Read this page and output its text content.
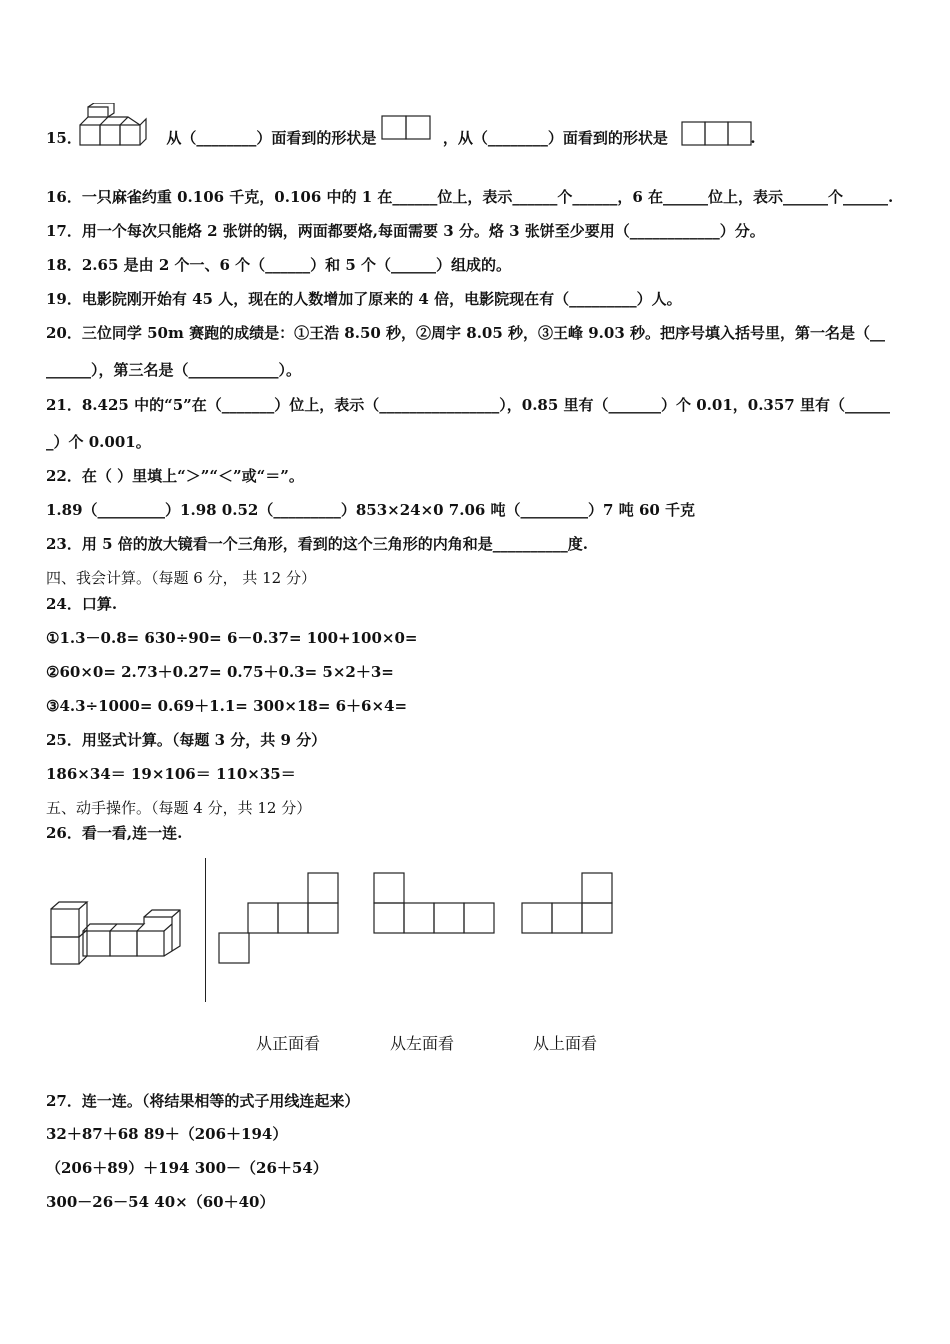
15．	从（________）面看到的形状是	，从（________）面看到的形状是	.
16．一只麻雀约重 0.106 千克，0.106 中的 1 在______位上，表示______个______，6 在______位上，表示______个______.
17．用一个每次只能烙 2 张饼的锅，两面都要烙,每面需要 3 分。烙 3 张饼至少要用（____________）分。
18．2.65 是由 2 个一、6 个（______）和 5 个（______）组成的。
19．电影院刚开始有 45 人，现在的人数增加了原来的 4 倍，电影院现在有（_________）人。
20．三位同学 50m 赛跑的成绩是：①王浩 8.50 秒，②周宇 8.05 秒，③王峰 9.03 秒。把序号填入括号里，第一名是（__
______），第三名是（____________）。
21．8.425 中的“5”在（_______）位上，表示（________________），0.85 里有（_______）个 0.01，0.357 里有（______
_）个 0.001。
22．在（ ）里填上“＞”“＜”或“＝”。
1.89（_________）1.98 0.52（_________）853×24×0 7.06 吨（_________）7 吨 60 千克
23．用 5 倍的放大镜看一个三角形，看到的这个三角形的内角和是__________度.
四、我会计算。（每题 6 分， 共 12 分）
24．口算.
①1.3－0.8= 630÷90= 6－0.37= 100+100×0=
②60×0= 2.73＋0.27= 0.75＋0.3= 5×2＋3=
③4.3÷1000= 0.69＋1.1= 300×18= 6＋6×4=
25．用竖式计算。（每题 3 分，共 9 分）
186×34＝ 19×106＝ 110×35＝
五、动手操作。（每题 4 分，共 12 分）
26．看一看,连一连.
从正面看	从左面看	从上面看
27．连一连。（将结果相等的式子用线连起来）
32＋87＋68 89＋（206＋194）
（206＋89）＋194 300－（26＋54）
300－26－54 40×（60＋40）
